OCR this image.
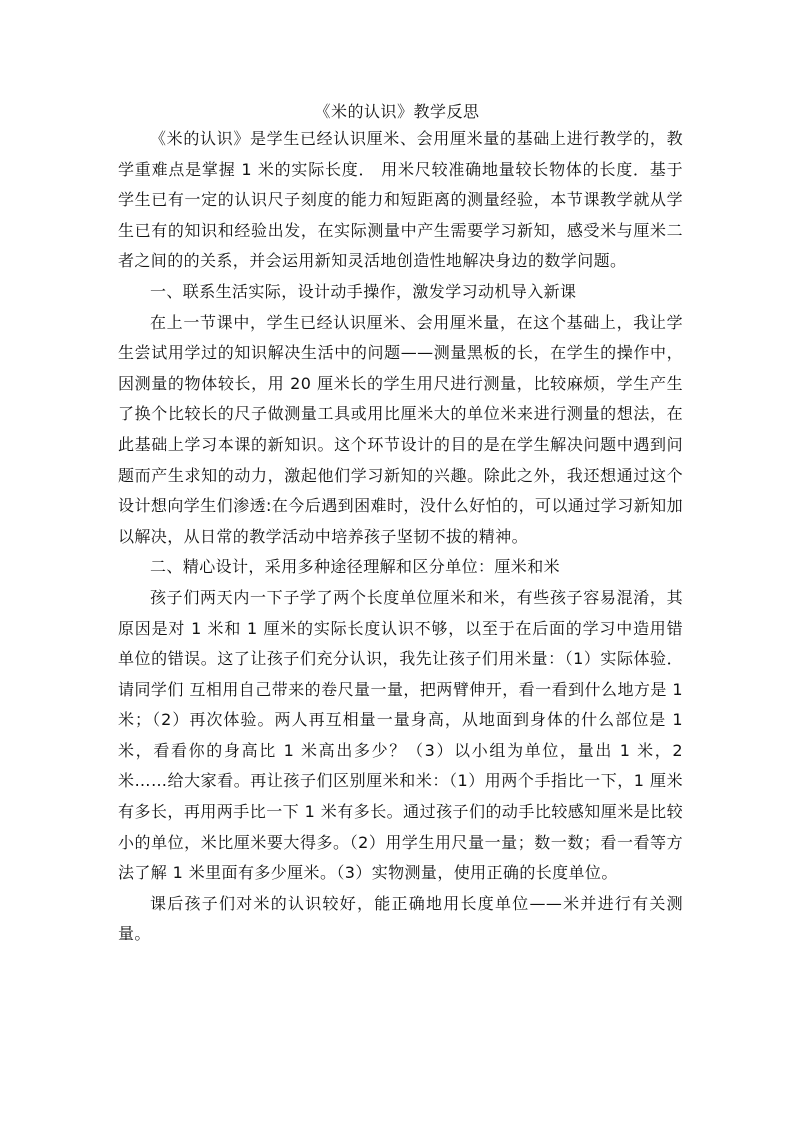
《米的认识》教学反思

《米的认识》是学生已经认识厘米、会用厘米量的基础上进行教学的，教学重难点是掌握 1 米的实际长度． 用米尺较准确地量较长物体的长度．基于学生已有一定的认识尺子刻度的能力和短距离的测量经验，本节课教学就从学生已有的知识和经验出发，在实际测量中产生需要学习新知，感受米与厘米二者之间的的关系，并会运用新知灵活地创造性地解决身边的数学问题。

一、联系生活实际，设计动手操作，激发学习动机导入新课

在上一节课中，学生已经认识厘米、会用厘米量，在这个基础上，我让学生尝试用学过的知识解决生活中的问题——测量黑板的长，在学生的操作中，因测量的物体较长，用 20 厘米长的学生用尺进行测量，比较麻烦，学生产生了换个比较长的尺子做测量工具或用比厘米大的单位米来进行测量的想法，在此基础上学习本课的新知识。这个环节设计的目的是在学生解决问题中遇到问题而产生求知的动力，激起他们学习新知的兴趣。除此之外，我还想通过这个设计想向学生们渗透:在今后遇到困难时，没什么好怕的，可以通过学习新知加以解决，从日常的教学活动中培养孩子坚韧不拔的精神。

二、精心设计，采用多种途径理解和区分单位：厘米和米

孩子们两天内一下子学了两个长度单位厘米和米，有些孩子容易混淆，其原因是对 1 米和 1 厘米的实际长度认识不够，以至于在后面的学习中造用错单位的错误。这了让孩子们充分认识，我先让孩子们用米量：（1）实际体验．请同学们 互相用自己带来的卷尺量一量，把两臂伸开，看一看到什么地方是 1 米；（2）再次体验。两人再互相量一量身高，从地面到身体的什么部位是 1 米，看看你的身高比 1 米高出多少？（3）以小组为单位，量出 1 米，2 米……给大家看。再让孩子们区别厘米和米：（1）用两个手指比一下，1 厘米有多长，再用两手比一下 1 米有多长。通过孩子们的动手比较感知厘米是比较小的单位，米比厘米要大得多。（2）用学生用尺量一量；数一数；看一看等方法了解 1 米里面有多少厘米。（3）实物测量，使用正确的长度单位。

课后孩子们对米的认识较好，能正确地用长度单位——米并进行有关测量。
